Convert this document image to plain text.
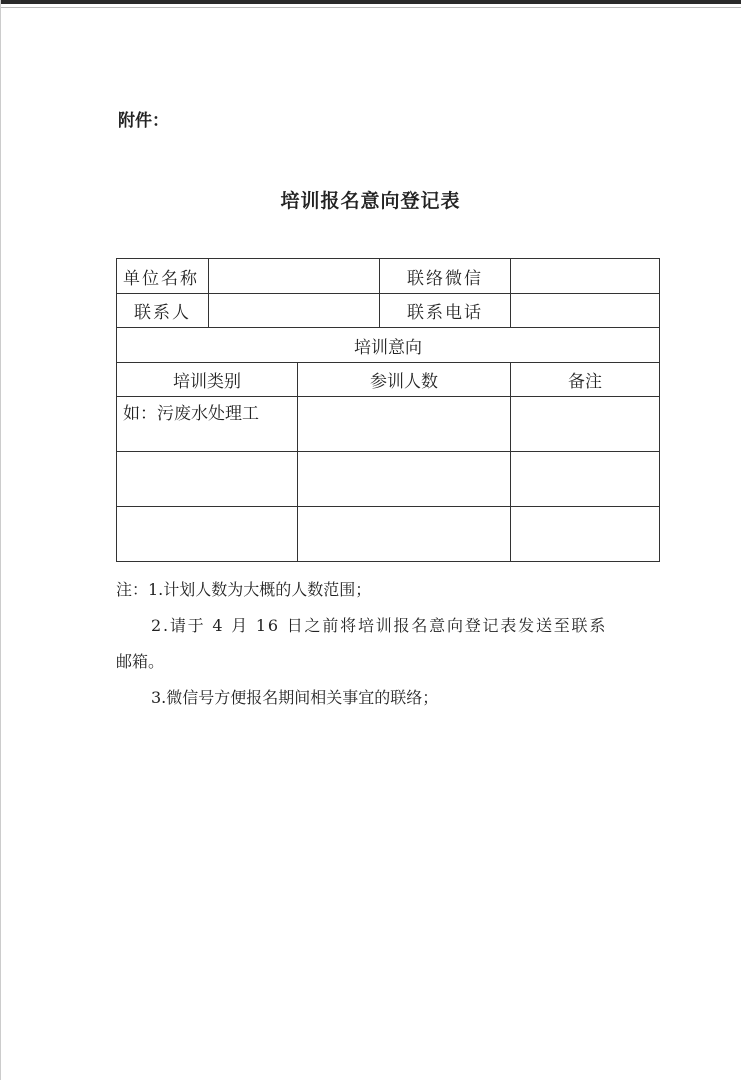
附件：
培训报名意向登记表
单位名称			联络微信	
联系人			联系电话	
培训意向				
培训类别		参训人数		备注
如：污废水处理工				

注：1.计划人数为大概的人数范围；

2.请于 4 月 16 日之前将培训报名意向登记表发送至联系

邮箱。

3.微信号方便报名期间相关事宜的联络；
